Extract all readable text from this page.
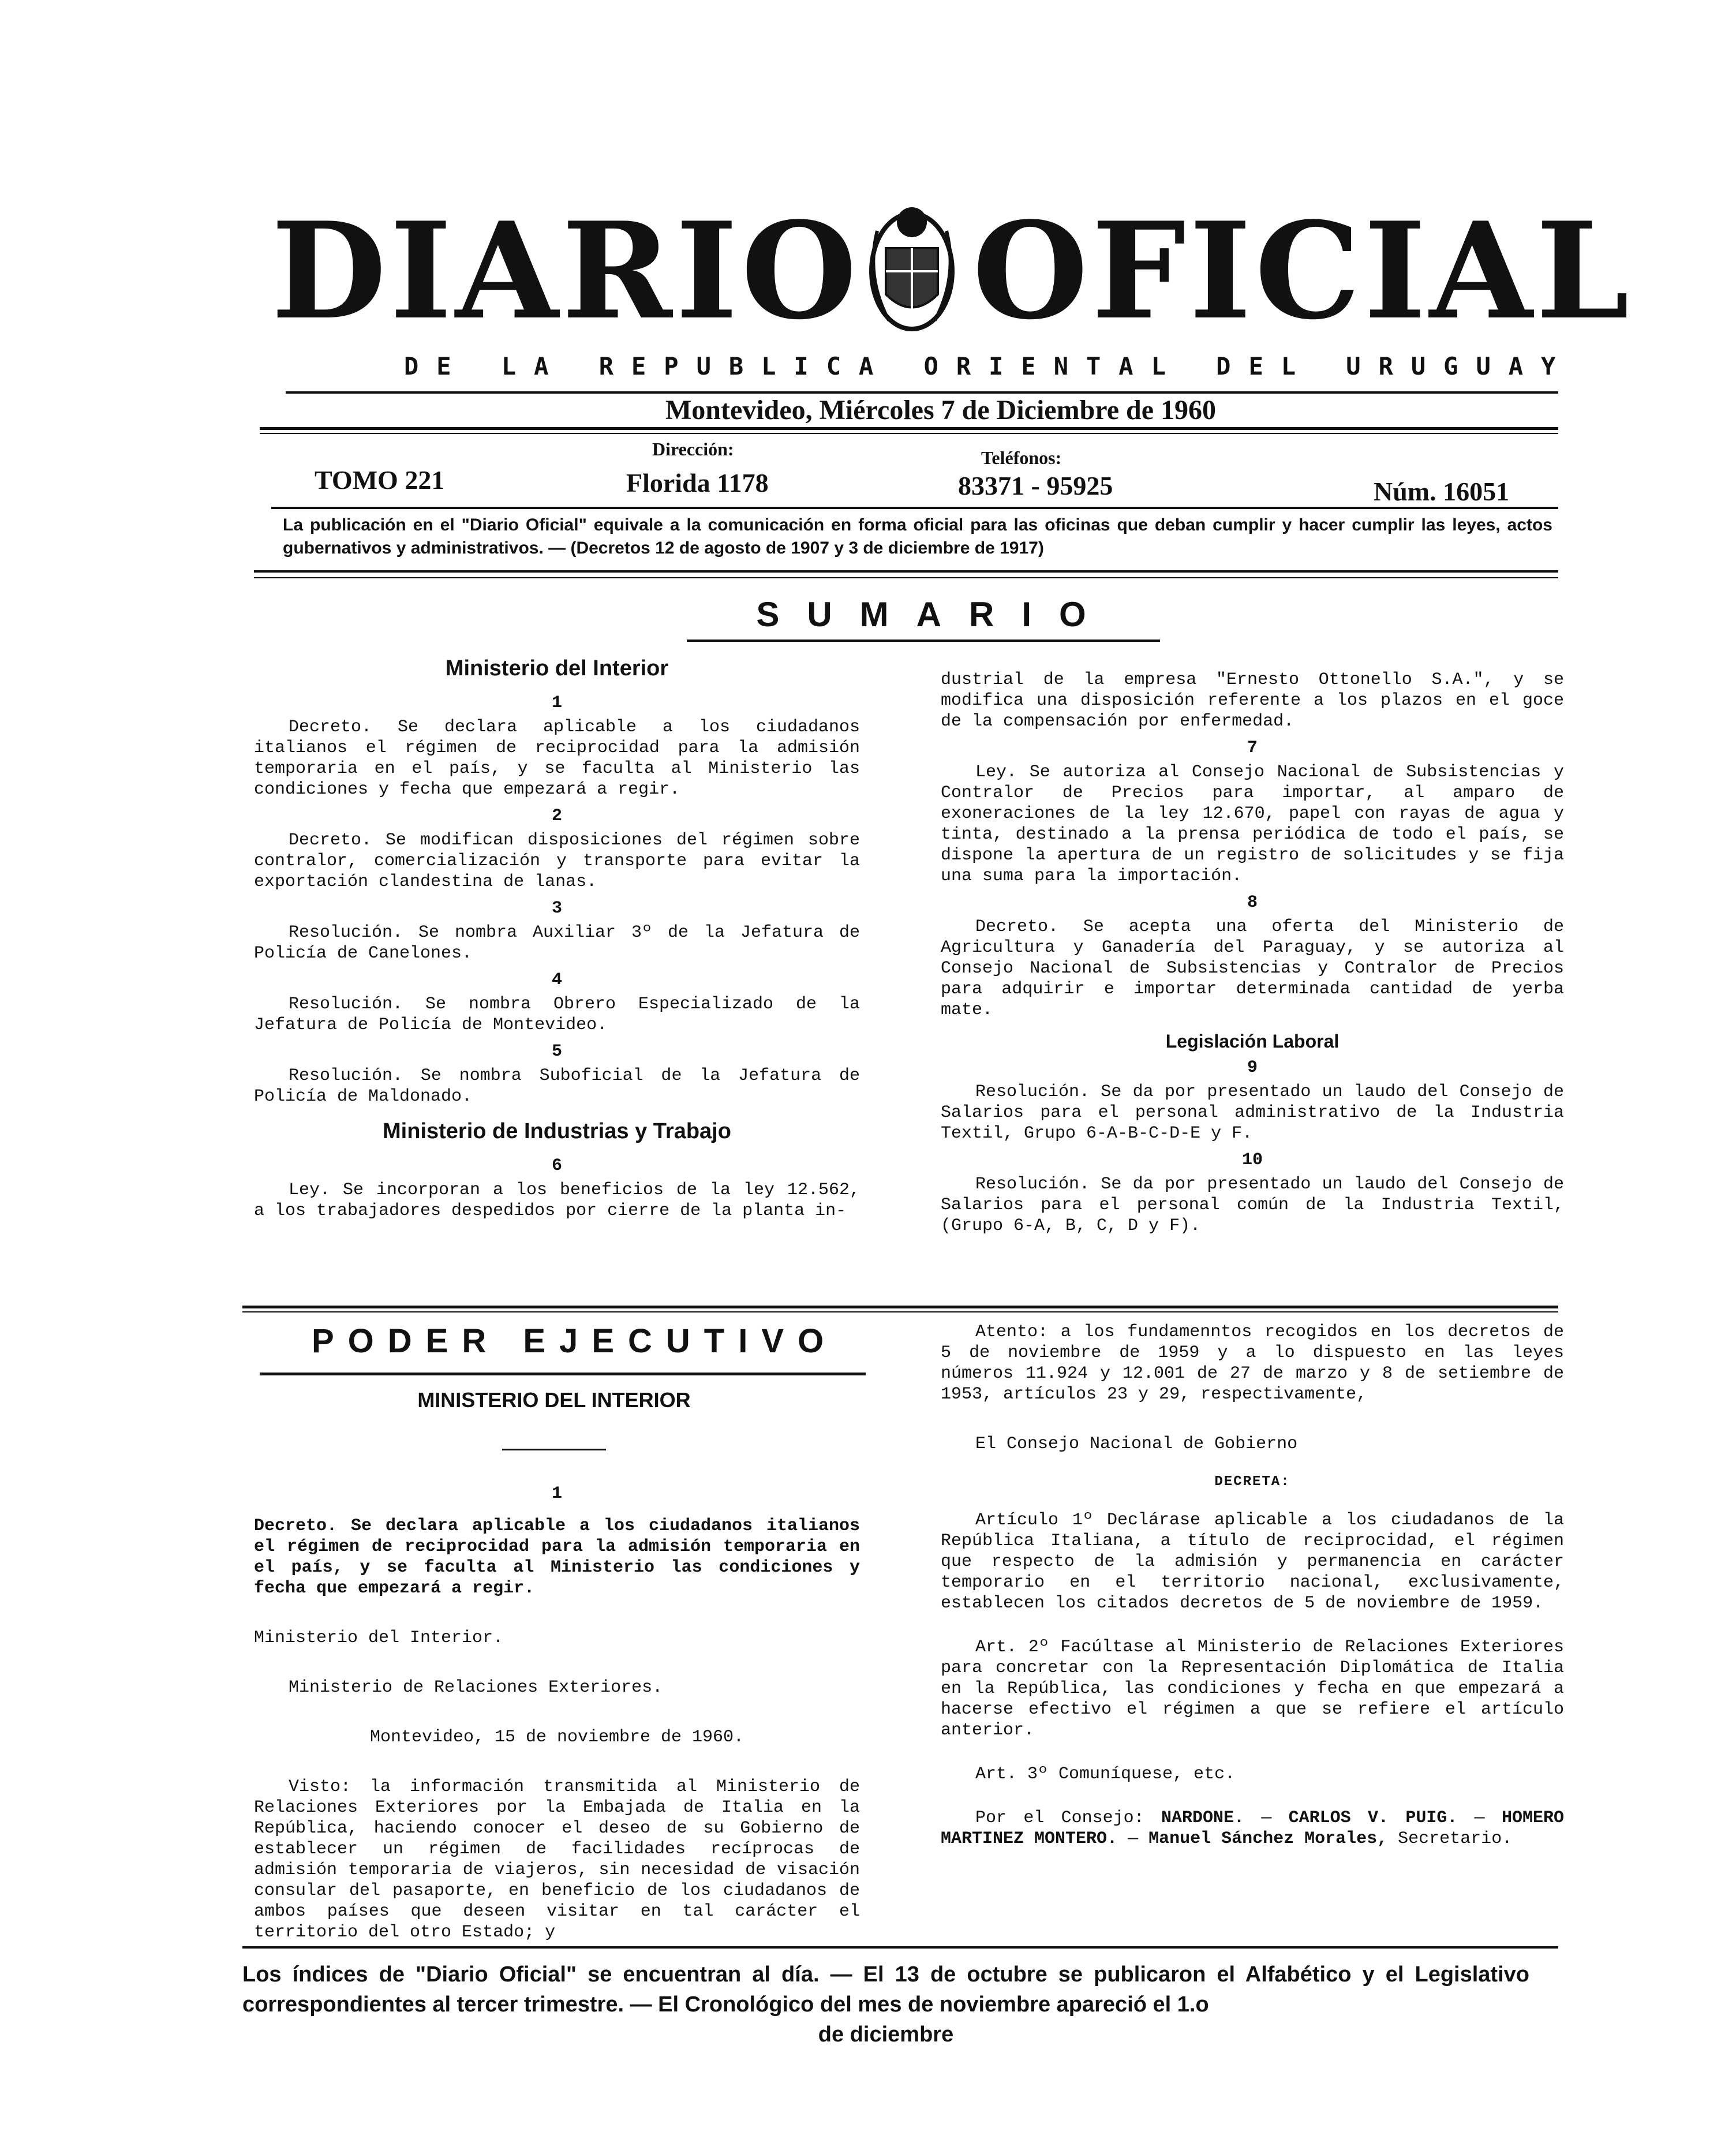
DIARIO OFICIAL
DE LA REPUBLICA ORIENTAL DEL URUGUAY
Montevideo, Miércoles 7 de Diciembre de 1960
Dirección:	Teléfonos:
TOMO 221	Florida 1178	83371 - 95925	Núm. 16051
La publicación en el "Diario Oficial" equivale a la comunicación en forma oficial para las oficinas que deban cumplir y hacer cumplir las leyes, actos gubernativos y administrativos. — (Decretos 12 de agosto de 1907 y 3 de diciembre de 1917)
SUMARIO
Ministerio del Interior
1

Decreto. Se declara aplicable a los ciudadanos italianos el régimen de reciprocidad para la admisión temporaria en el país, y se faculta al Ministerio las condiciones y fecha que empezará a regir.

2

Decreto. Se modifican disposiciones del régimen sobre contralor, comercialización y transporte para evitar la exportación clandestina de lanas.

3

Resolución. Se nombra Auxiliar 3º de la Jefatura de Policía de Canelones.

4

Resolución. Se nombra Obrero Especializado de la Jefatura de Policía de Montevideo.

5

Resolución. Se nombra Suboficial de la Jefatura de Policía de Maldonado.

Ministerio de Industrias y Trabajo
6

Ley. Se incorporan a los beneficios de la ley 12.562, a los trabajadores despedidos por cierre de la planta in-

dustrial de la empresa "Ernesto Ottonello S.A.", y se modifica una disposición referente a los plazos en el goce de la compensación por enfermedad.

7

Ley. Se autoriza al Consejo Nacional de Subsistencias y Contralor de Precios para importar, al amparo de exoneraciones de la ley 12.670, papel con rayas de agua y tinta, destinado a la prensa periódica de todo el país, se dispone la apertura de un registro de solicitudes y se fija una suma para la importación.

8

Decreto. Se acepta una oferta del Ministerio de Agricultura y Ganadería del Paraguay, y se autoriza al Consejo Nacional de Subsistencias y Contralor de Precios para adquirir e importar determinada cantidad de yerba mate.

Legislación Laboral
9

Resolución. Se da por presentado un laudo del Consejo de Salarios para el personal administrativo de la Industria Textil, Grupo 6-A-B-C-D-E y F.

10

Resolución. Se da por presentado un laudo del Consejo de Salarios para el personal común de la Industria Textil, (Grupo 6-A, B, C, D y F).

PODER EJECUTIVO
MINISTERIO DEL INTERIOR
1

Decreto. Se declara aplicable a los ciudadanos italianos el régimen de reciprocidad para la admisión temporaria en el país, y se faculta al Ministerio las condiciones y fecha que empezará a regir.

Ministerio del Interior.

Ministerio de Relaciones Exteriores.

Montevideo, 15 de noviembre de 1960.

Visto: la información transmitida al Ministerio de Relaciones Exteriores por la Embajada de Italia en la República, haciendo conocer el deseo de su Gobierno de establecer un régimen de facilidades recíprocas de admisión temporaria de viajeros, sin necesidad de visación consular del pasaporte, en beneficio de los ciudadanos de ambos países que deseen visitar en tal carácter el territorio del otro Estado; y

Atento: a los fundamenntos recogidos en los decretos de 5 de noviembre de 1959 y a lo dispuesto en las leyes números 11.924 y 12.001 de 27 de marzo y 8 de setiembre de 1953, artículos 23 y 29, respectivamente,

El Consejo Nacional de Gobierno

DECRETA:

Artículo 1º Declárase aplicable a los ciudadanos de la República Italiana, a título de reciprocidad, el régimen que respecto de la admisión y permanencia en carácter temporario en el territorio nacional, exclusivamente, establecen los citados decretos de 5 de noviembre de 1959.

Art. 2º Facúltase al Ministerio de Relaciones Exteriores para concretar con la Representación Diplomática de Italia en la República, las condiciones y fecha en que empezará a hacerse efectivo el régimen a que se refiere el artículo anterior.

Art. 3º Comuníquese, etc.

Por el Consejo: NARDONE. — CARLOS V. PUIG. — HOMERO MARTINEZ MONTERO. — Manuel Sánchez Morales, Secretario.

Los índices de "Diario Oficial" se encuentran al día. — El 13 de octubre se publicaron el Alfabético y el Legislativo correspondientes al tercer trimestre. — El Cronológico del mes de noviembre apareció el 1.o
de diciembre
